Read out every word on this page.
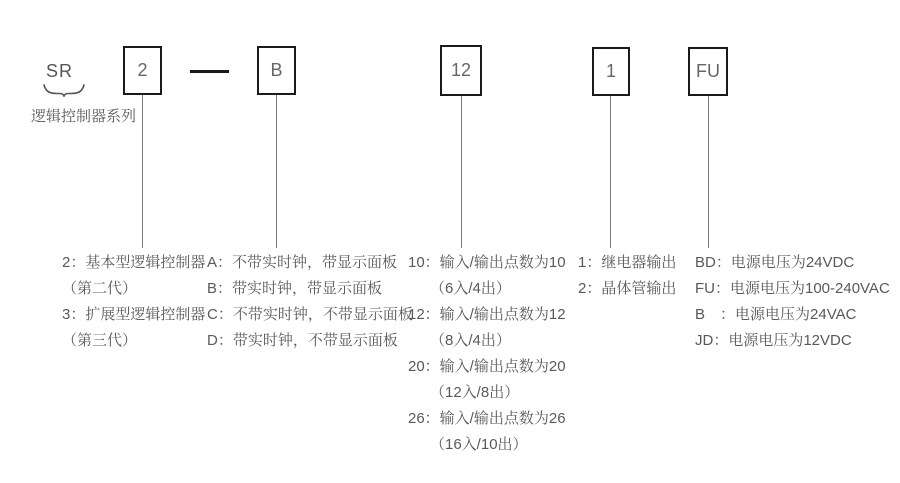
SR
逻辑控制器系列
2	B	12	1	FU
2：基本型逻辑控制器
（第二代）
3：扩展型逻辑控制器
（第三代）
A：不带实时钟，带显示面板
B：带实时钟，带显示面板
C：不带实时钟，不带显示面板
D：带实时钟，不带显示面板
10：输入/输出点数为10
（6入/4出）
12：输入/输出点数为12
（8入/4出）
20：输入/输出点数为20
（12入/8出）
26：输入/输出点数为26
（16入/10出）
1：继电器输出
2：晶体管输出
BD：电源电压为24VDC
FU：电源电压为100-240VAC
B　：电源电压为24VAC
JD：电源电压为12VDC
